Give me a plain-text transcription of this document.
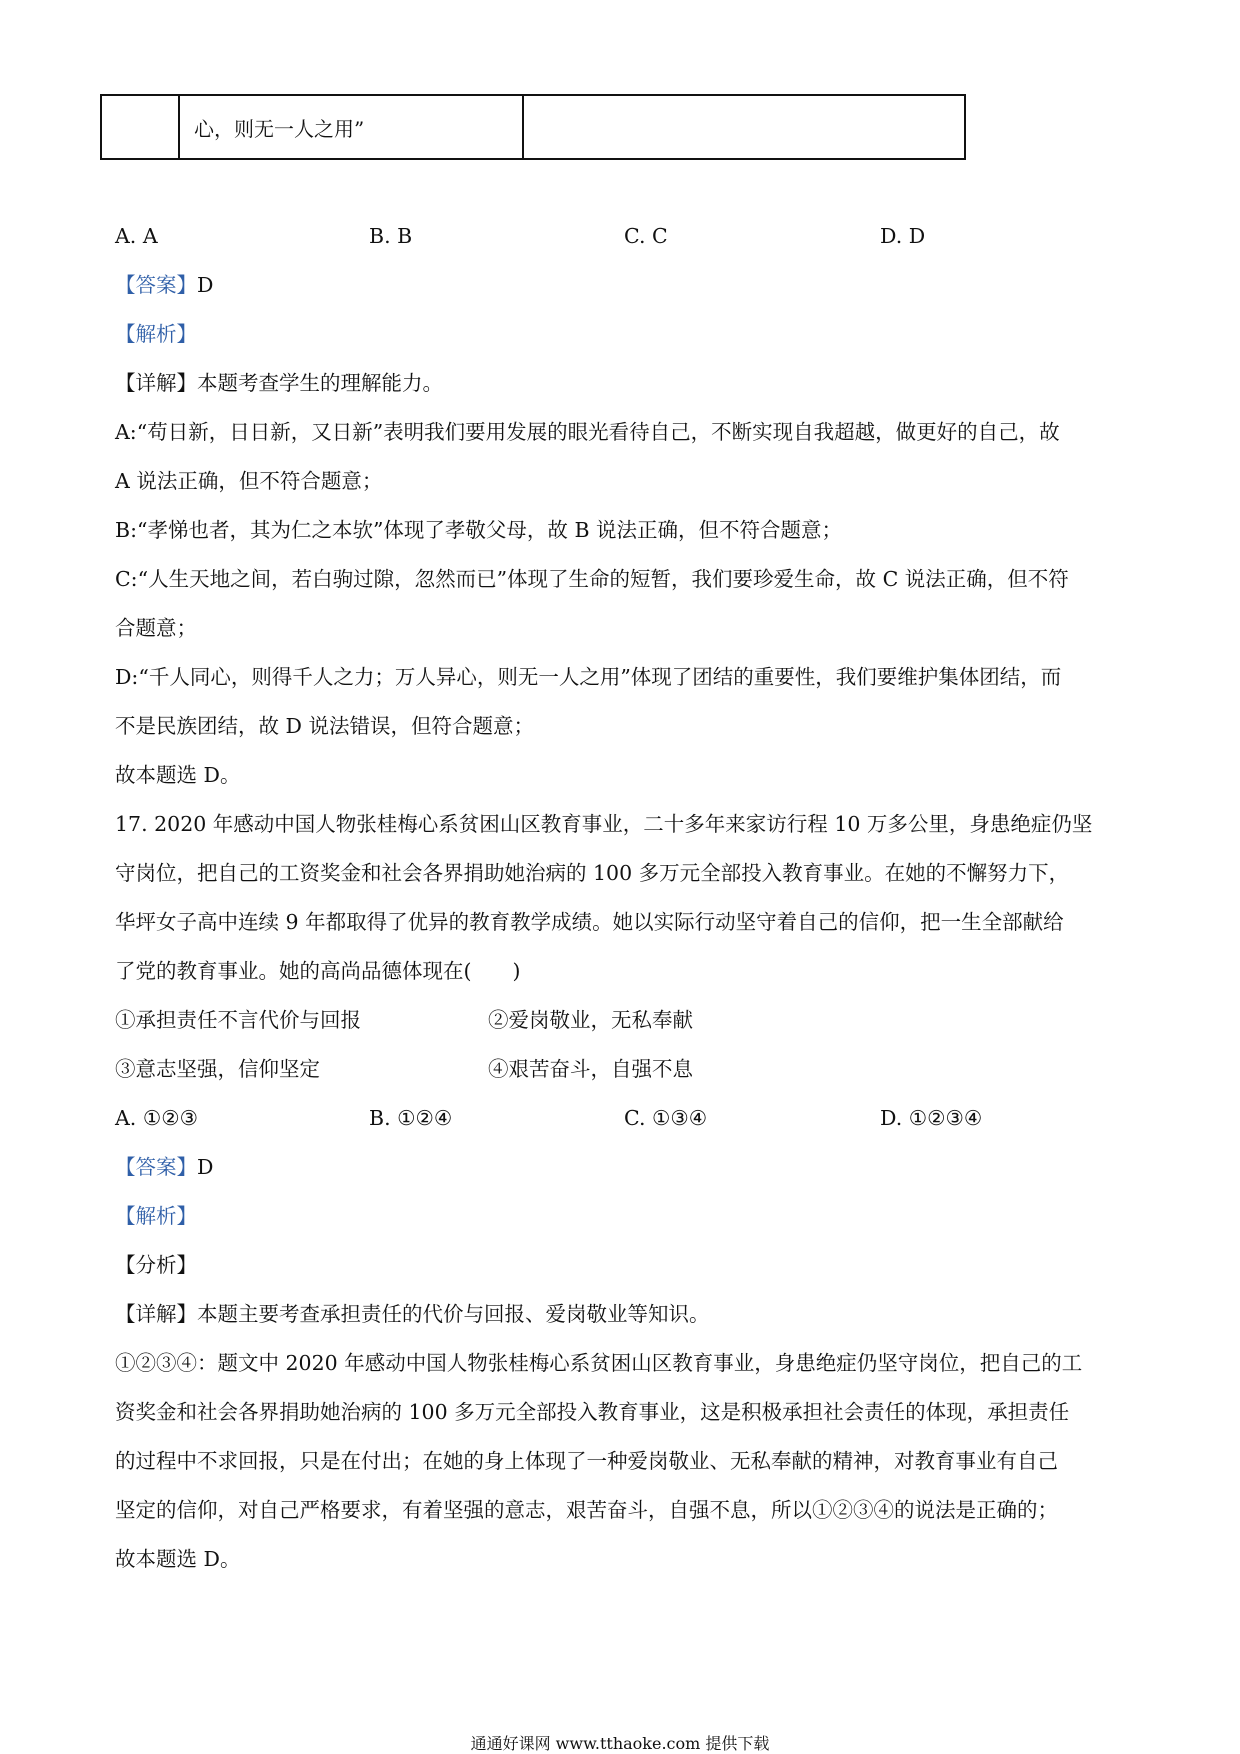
	心，则无一人之用”	
A. A	B. B	C. C	D. D
【答案】D
【解析】
【详解】本题考查学生的理解能力。
A:“苟日新，日日新，又日新”表明我们要用发展的眼光看待自己，不断实现自我超越，做更好的自己，故
A 说法正确，但不符合题意；
B:“孝悌也者，其为仁之本欤”体现了孝敬父母，故 B 说法正确，但不符合题意；
C:“人生天地之间，若白驹过隙，忽然而已”体现了生命的短暂，我们要珍爱生命，故 C 说法正确，但不符
合题意；
D:“千人同心，则得千人之力；万人异心，则无一人之用”体现了团结的重要性，我们要维护集体团结，而
不是民族团结，故 D 说法错误，但符合题意；
故本题选 D。
17. 2020 年感动中国人物张桂梅心系贫困山区教育事业，二十多年来家访行程 10 万多公里，身患绝症仍坚
守岗位，把自己的工资奖金和社会各界捐助她治病的 100 多万元全部投入教育事业。在她的不懈努力下，
华坪女子高中连续 9 年都取得了优异的教育教学成绩。她以实际行动坚守着自己的信仰，把一生全部献给
了党的教育事业。她的高尚品德体现在(　　)
①承担责任不言代价与回报	②爱岗敬业，无私奉献
③意志坚强，信仰坚定	④艰苦奋斗，自强不息
A. ①②③	B. ①②④	C. ①③④	D. ①②③④
【答案】D
【解析】
【分析】
【详解】本题主要考查承担责任的代价与回报、爱岗敬业等知识。
①②③④：题文中 2020 年感动中国人物张桂梅心系贫困山区教育事业，身患绝症仍坚守岗位，把自己的工
资奖金和社会各界捐助她治病的 100 多万元全部投入教育事业，这是积极承担社会责任的体现，承担责任
的过程中不求回报，只是在付出；在她的身上体现了一种爱岗敬业、无私奉献的精神，对教育事业有自己
坚定的信仰，对自己严格要求，有着坚强的意志，艰苦奋斗，自强不息，所以①②③④的说法是正确的；
故本题选 D。
通通好课网 www.tthaoke.com 提供下载
